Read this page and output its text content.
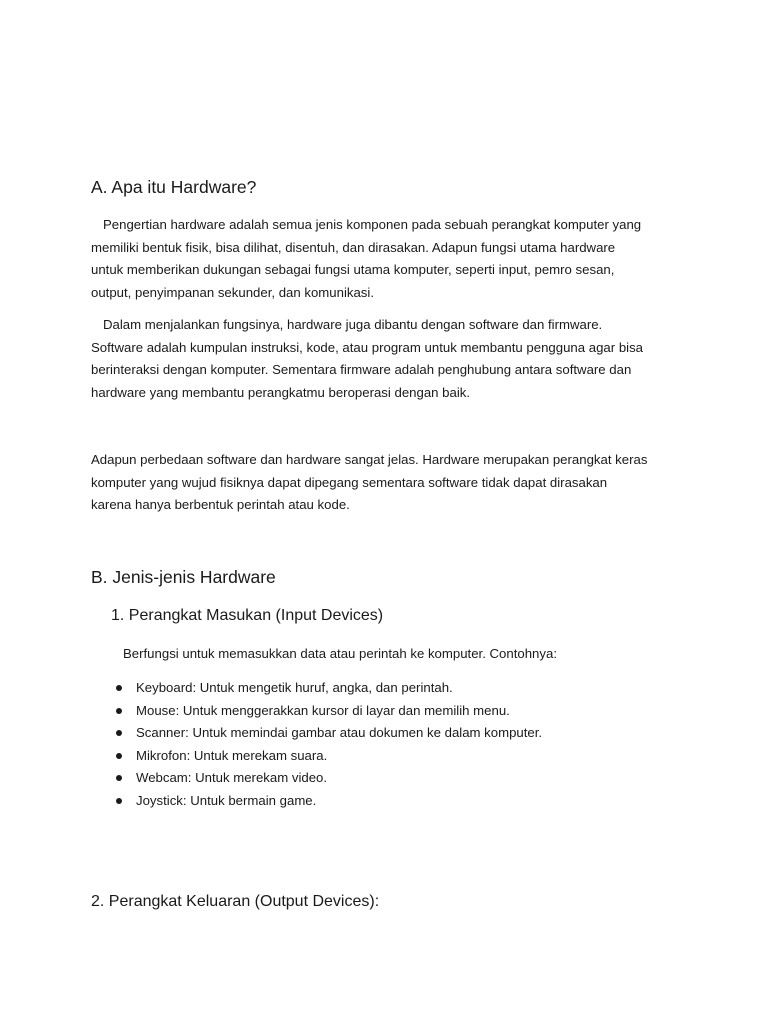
A. Apa itu Hardware?
Pengertian hardware adalah semua jenis komponen pada sebuah perangkat komputer yang
memiliki bentuk fisik, bisa dilihat, disentuh, dan dirasakan. Adapun fungsi utama hardware
untuk memberikan dukungan sebagai fungsi utama komputer, seperti input, pemro sesan,
output, penyimpanan sekunder, dan komunikasi.
Dalam menjalankan fungsinya, hardware juga dibantu dengan software dan firmware.
Software adalah kumpulan instruksi, kode, atau program untuk membantu pengguna agar bisa
berinteraksi dengan komputer. Sementara firmware adalah penghubung antara software dan
hardware yang membantu perangkatmu beroperasi dengan baik.
Adapun perbedaan software dan hardware sangat jelas. Hardware merupakan perangkat keras
komputer yang wujud fisiknya dapat dipegang sementara software tidak dapat dirasakan
karena hanya berbentuk perintah atau kode.
B. Jenis-jenis Hardware
1. Perangkat Masukan (Input Devices)

Berfungsi untuk memasukkan data atau perintah ke komputer. Contohnya:

Keyboard: Untuk mengetik huruf, angka, dan perintah.
Mouse: Untuk menggerakkan kursor di layar dan memilih menu.
Scanner: Untuk memindai gambar atau dokumen ke dalam komputer.
Mikrofon: Untuk merekam suara.
Webcam: Untuk merekam video.
Joystick: Untuk bermain game.
2. Perangkat Keluaran (Output Devices):
